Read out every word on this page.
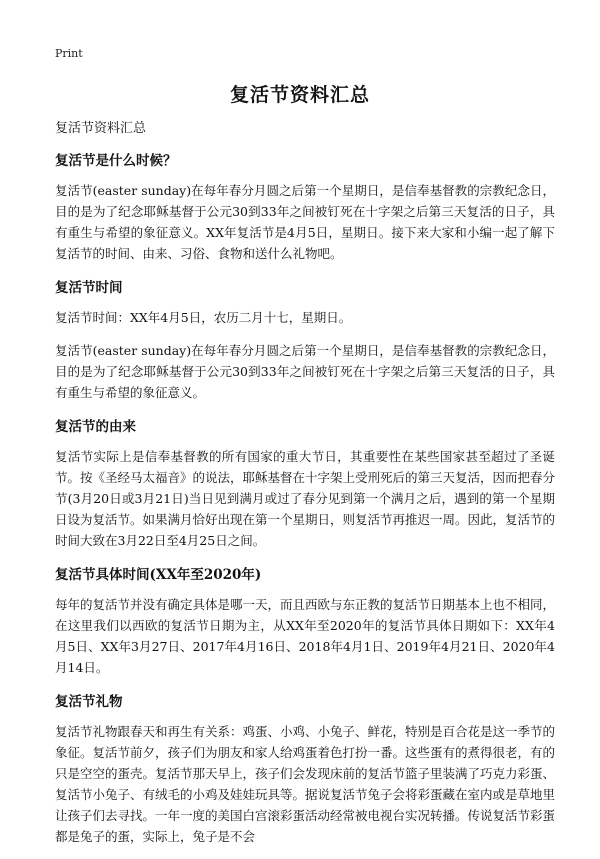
Print
复活节资料汇总
复活节资料汇总
复活节是什么时候？

复活节(easter sunday)在每年春分月圆之后第一个星期日，是信奉基督教的宗教纪念日，目的是为了纪念耶稣基督于公元30到33年之间被钉死在十字架之后第三天复活的日子，具有重生与希望的象征意义。XX年复活节是4月5日，星期日。接下来大家和小编一起了解下复活节的时间、由来、习俗、食物和送什么礼物吧。

复活节时间

复活节时间：XX年4月5日，农历二月十七，星期日。

复活节(easter sunday)在每年春分月圆之后第一个星期日，是信奉基督教的宗教纪念日，目的是为了纪念耶稣基督于公元30到33年之间被钉死在十字架之后第三天复活的日子，具有重生与希望的象征意义。

复活节的由来

复活节实际上是信奉基督教的所有国家的重大节日，其重要性在某些国家甚至超过了圣诞节。按《圣经马太福音》的说法，耶稣基督在十字架上受刑死后的第三天复活，因而把春分节(3月20日或3月21日)当日见到满月或过了春分见到第一个满月之后，遇到的第一个星期日设为复活节。如果满月恰好出现在第一个星期日，则复活节再推迟一周。因此，复活节的时间大致在3月22日至4月25日之间。

复活节具体时间(XX年至2020年)

每年的复活节并没有确定具体是哪一天，而且西欧与东正教的复活节日期基本上也不相同，在这里我们以西欧的复活节日期为主，从XX年至2020年的复活节具体日期如下：XX年4月5日、XX年3月27日、2017年4月16日、2018年4月1日、2019年4月21日、2020年4月14日。

复活节礼物

复活节礼物跟春天和再生有关系：鸡蛋、小鸡、小兔子、鲜花，特别是百合花是这一季节的象征。复活节前夕，孩子们为朋友和家人给鸡蛋着色打扮一番。这些蛋有的煮得很老，有的只是空空的蛋壳。复活节那天早上，孩子们会发现床前的复活节篮子里装满了巧克力彩蛋、复活节小兔子、有绒毛的小鸡及娃娃玩具等。据说复活节兔子会将彩蛋藏在室内或是草地里让孩子们去寻找。一年一度的美国白宫滚彩蛋活动经常被电视台实况转播。传说复活节彩蛋都是兔子的蛋，实际上，兔子是不会
